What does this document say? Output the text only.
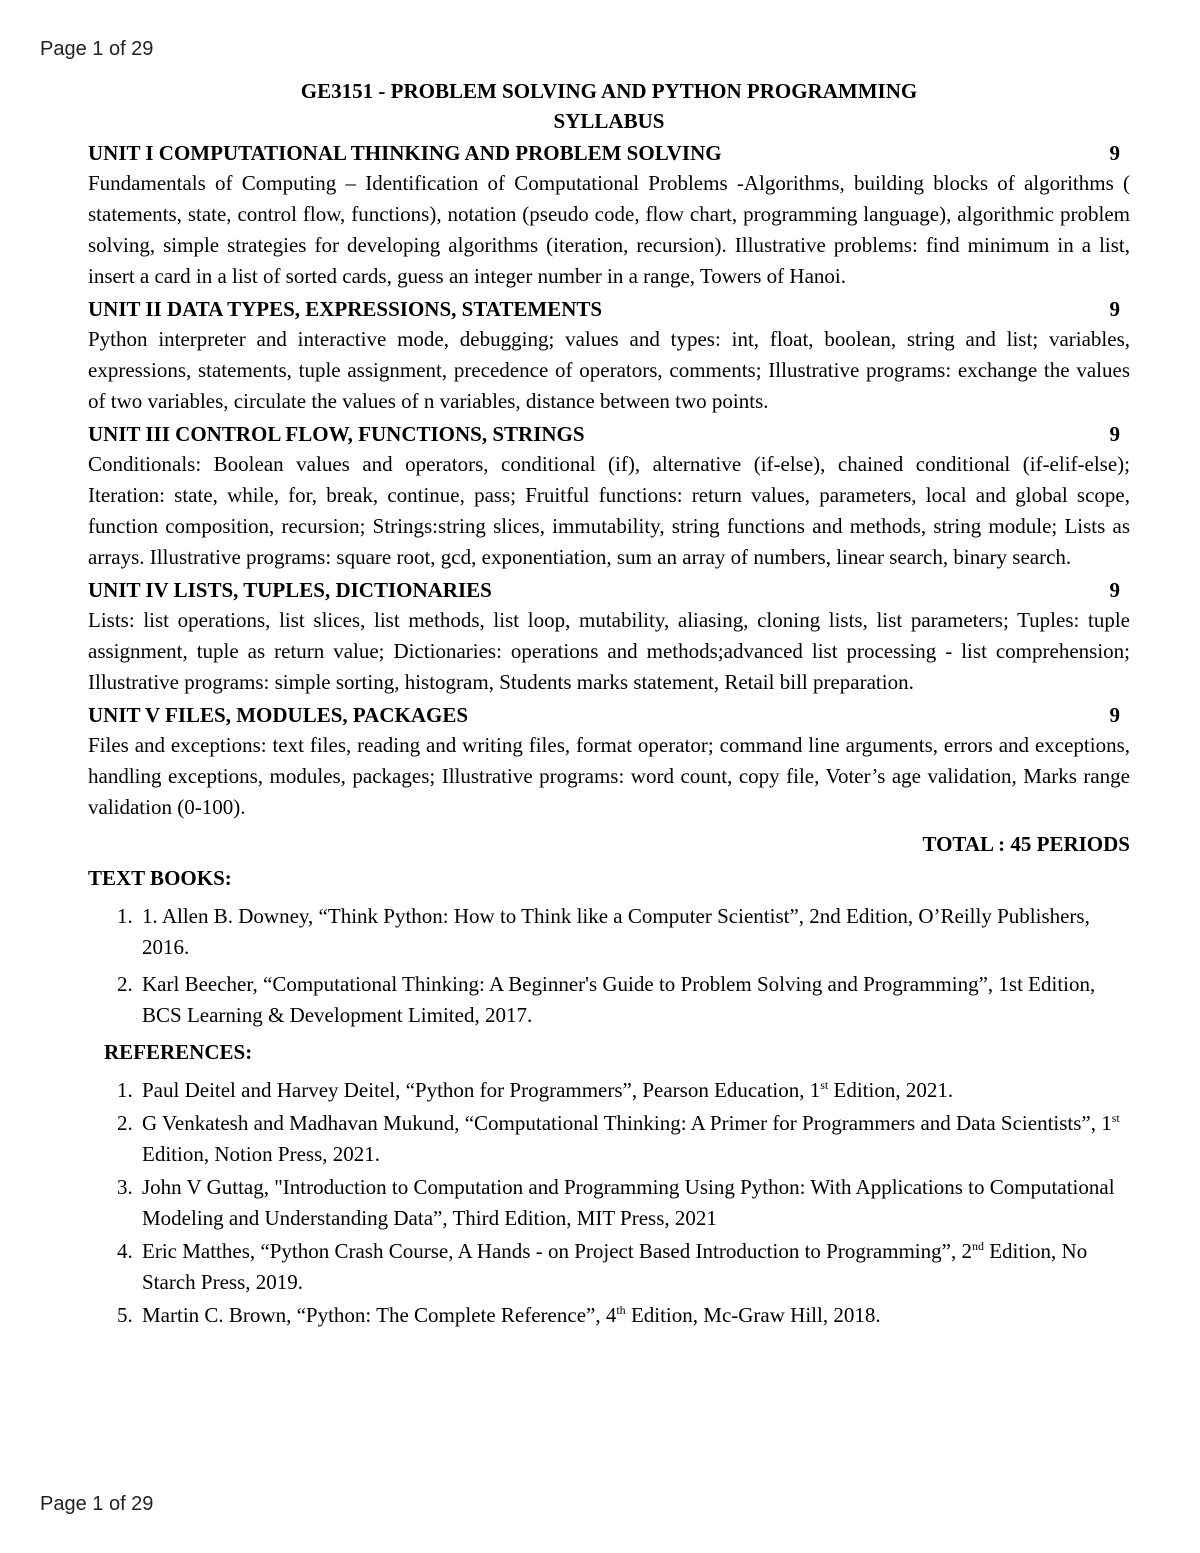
Page 1 of 29
GE3151 - PROBLEM SOLVING AND PYTHON PROGRAMMING
SYLLABUS
UNIT I COMPUTATIONAL THINKING AND PROBLEM SOLVING	9
Fundamentals of Computing – Identification of Computational Problems -Algorithms, building blocks of algorithms ( statements, state, control flow, functions), notation (pseudo code, flow chart, programming language), algorithmic problem solving, simple strategies for developing algorithms (iteration, recursion). Illustrative problems: find minimum in a list, insert a card in a list of sorted cards, guess an integer number in a range, Towers of Hanoi.
UNIT II DATA TYPES, EXPRESSIONS, STATEMENTS	9
Python interpreter and interactive mode, debugging; values and types: int, float, boolean, string and list; variables, expressions, statements, tuple assignment, precedence of operators, comments; Illustrative programs: exchange the values of two variables, circulate the values of n variables, distance between two points.
UNIT III CONTROL FLOW, FUNCTIONS, STRINGS	9
Conditionals: Boolean values and operators, conditional (if), alternative (if-else), chained conditional (if-elif-else); Iteration: state, while, for, break, continue, pass; Fruitful functions: return values, parameters, local and global scope, function composition, recursion; Strings:string slices, immutability, string functions and methods, string module; Lists as arrays. Illustrative programs: square root, gcd, exponentiation, sum an array of numbers, linear search, binary search.
UNIT IV LISTS, TUPLES, DICTIONARIES	9
Lists: list operations, list slices, list methods, list loop, mutability, aliasing, cloning lists, list parameters; Tuples: tuple assignment, tuple as return value; Dictionaries: operations and methods;advanced list processing - list comprehension; Illustrative programs: simple sorting, histogram, Students marks statement, Retail bill preparation.
UNIT V FILES, MODULES, PACKAGES	9
Files and exceptions: text files, reading and writing files, format operator; command line arguments, errors and exceptions, handling exceptions, modules, packages; Illustrative programs: word count, copy file, Voter’s age validation, Marks range validation (0-100).
TOTAL : 45 PERIODS
TEXT BOOKS:
1. 1. Allen B. Downey, “Think Python: How to Think like a Computer Scientist”, 2nd Edition, O’Reilly Publishers, 2016.
2. Karl Beecher, “Computational Thinking: A Beginner's Guide to Problem Solving and Programming”, 1st Edition, BCS Learning & Development Limited, 2017.
REFERENCES:
1. Paul Deitel and Harvey Deitel, “Python for Programmers”, Pearson Education, 1st Edition, 2021.
2. G Venkatesh and Madhavan Mukund, “Computational Thinking: A Primer for Programmers and Data Scientists”, 1st Edition, Notion Press, 2021.
3. John V Guttag, "Introduction to Computation and Programming Using Python: With Applications to Computational Modeling and Understanding Data”, Third Edition, MIT Press, 2021
4. Eric Matthes, “Python Crash Course, A Hands - on Project Based Introduction to Programming”, 2nd Edition, No Starch Press, 2019.
5. Martin C. Brown, “Python: The Complete Reference”, 4th Edition, Mc-Graw Hill, 2018.
Page 1 of 29
